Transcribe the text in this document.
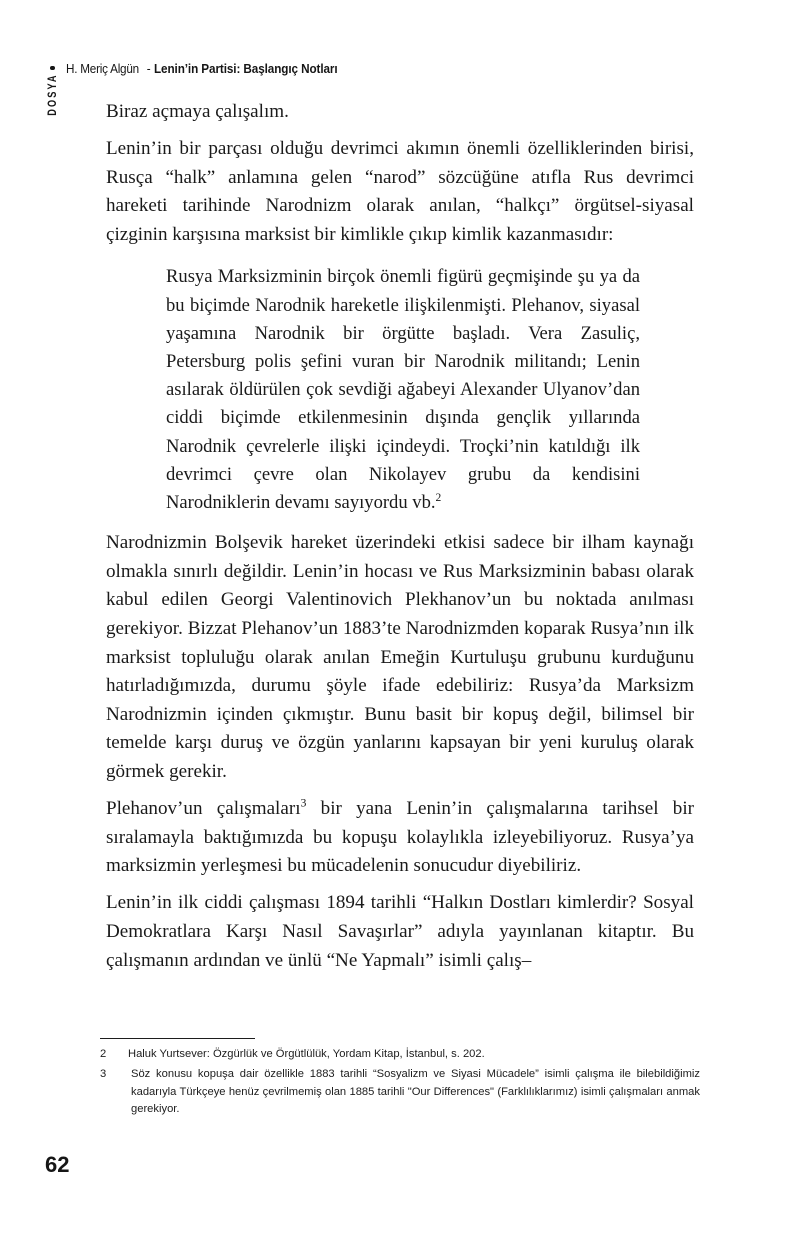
H. Meriç Algün - Lenin’in Partisi: Başlangıç Notları
DOSYA Biraz açmaya çalışalım.

Lenin’in bir parçası olduğu devrimci akımın önemli özelliklerinden birisi, Rusça “halk” anlamına gelen “narod” sözcüğüne atıfla Rus devrimci hareketi tarihinde Narodnizm olarak anılan, “halkçı” örgütsel-siyasal çizginin karşısına marksist bir kimlikle çıkıp kimlik kazanmasıdır:

Rusya Marksizminin birçok önemli figürü geçmişinde şu ya da bu biçimde Narodnik hareketle ilişkilenmişti. Plehanov, siyasal yaşamına Narodnik bir örgütte başladı. Vera Zasuliç, Petersburg polis şefini vuran bir Narodnik militandı; Lenin asılarak öldürülen çok sevdiği ağabeyi Alexander Ulyanov’dan ciddi biçimde etkilenmesinin dışında gençlik yıllarında Narodnik çevrelerle ilişki içindeydi. Troçki’nin katıldığı ilk devrimci çevre olan Nikolayev grubu da kendisini Narodniklerin devamı sayıyordu vb.$^2$

Narodnizmin Bolşevik hareket üzerindeki etkisi sadece bir ilham kaynağı olmakla sınırlı değildir. Lenin’in hocası ve Rus Marksizminin babası olarak kabul edilen Georgi Valentinovich Plekhanov’un bu noktada anılması gerekiyor. Bizzat Plehanov’un 1883’te Narodnizmden koparak Rusya’nın ilk marksist topluluğu olarak anılan Emeğin Kurtuluşu grubunu kurduğunu hatırladığımızda, durumu şöyle ifade edebiliriz: Rusya’da Marksizm Narodnizmin içinden çıkmıştır. Bunu basit bir kopuş değil, bilimsel bir temelde karşı duruş ve özgün yanlarını kapsayan bir yeni kuruluş olarak görmek gerekir.

Plehanov’un çalışmaları$^3$ bir yana Lenin’in çalışmalarına tarihsel bir sıralamayla baktığımızda bu kopuşu kolaylıkla izleyebiliyoruz. Rusya’ya marksizmin yerleşmesi bu mücadelenin sonucudur diyebiliriz.

Lenin’in ilk ciddi çalışması 1894 tarihli “Halkın Dostları kimlerdir? Sosyal Demokratlara Karşı Nasıl Savaşırlar” adıyla yayınlanan kitaptır. Bu çalışmanın ardından ve ünlü “Ne Yapmalı” isimli çalış–

2	Haluk Yurtsever: Özgürlük ve Örgütlülük, Yordam Kitap, İstanbul, s. 202.
3	Söz konusu kopuşa dair özellikle 1883 tarihli “Sosyalizm ve Siyasi Mücadele” isimli çalışma ile bilebildiğimiz kadarıyla Türkçeye henüz çevrilmemiş olan 1885 tarihli "Our Differences" (Farklılıklarımız) isimli çalışmaları anmak gerekiyor.
62
